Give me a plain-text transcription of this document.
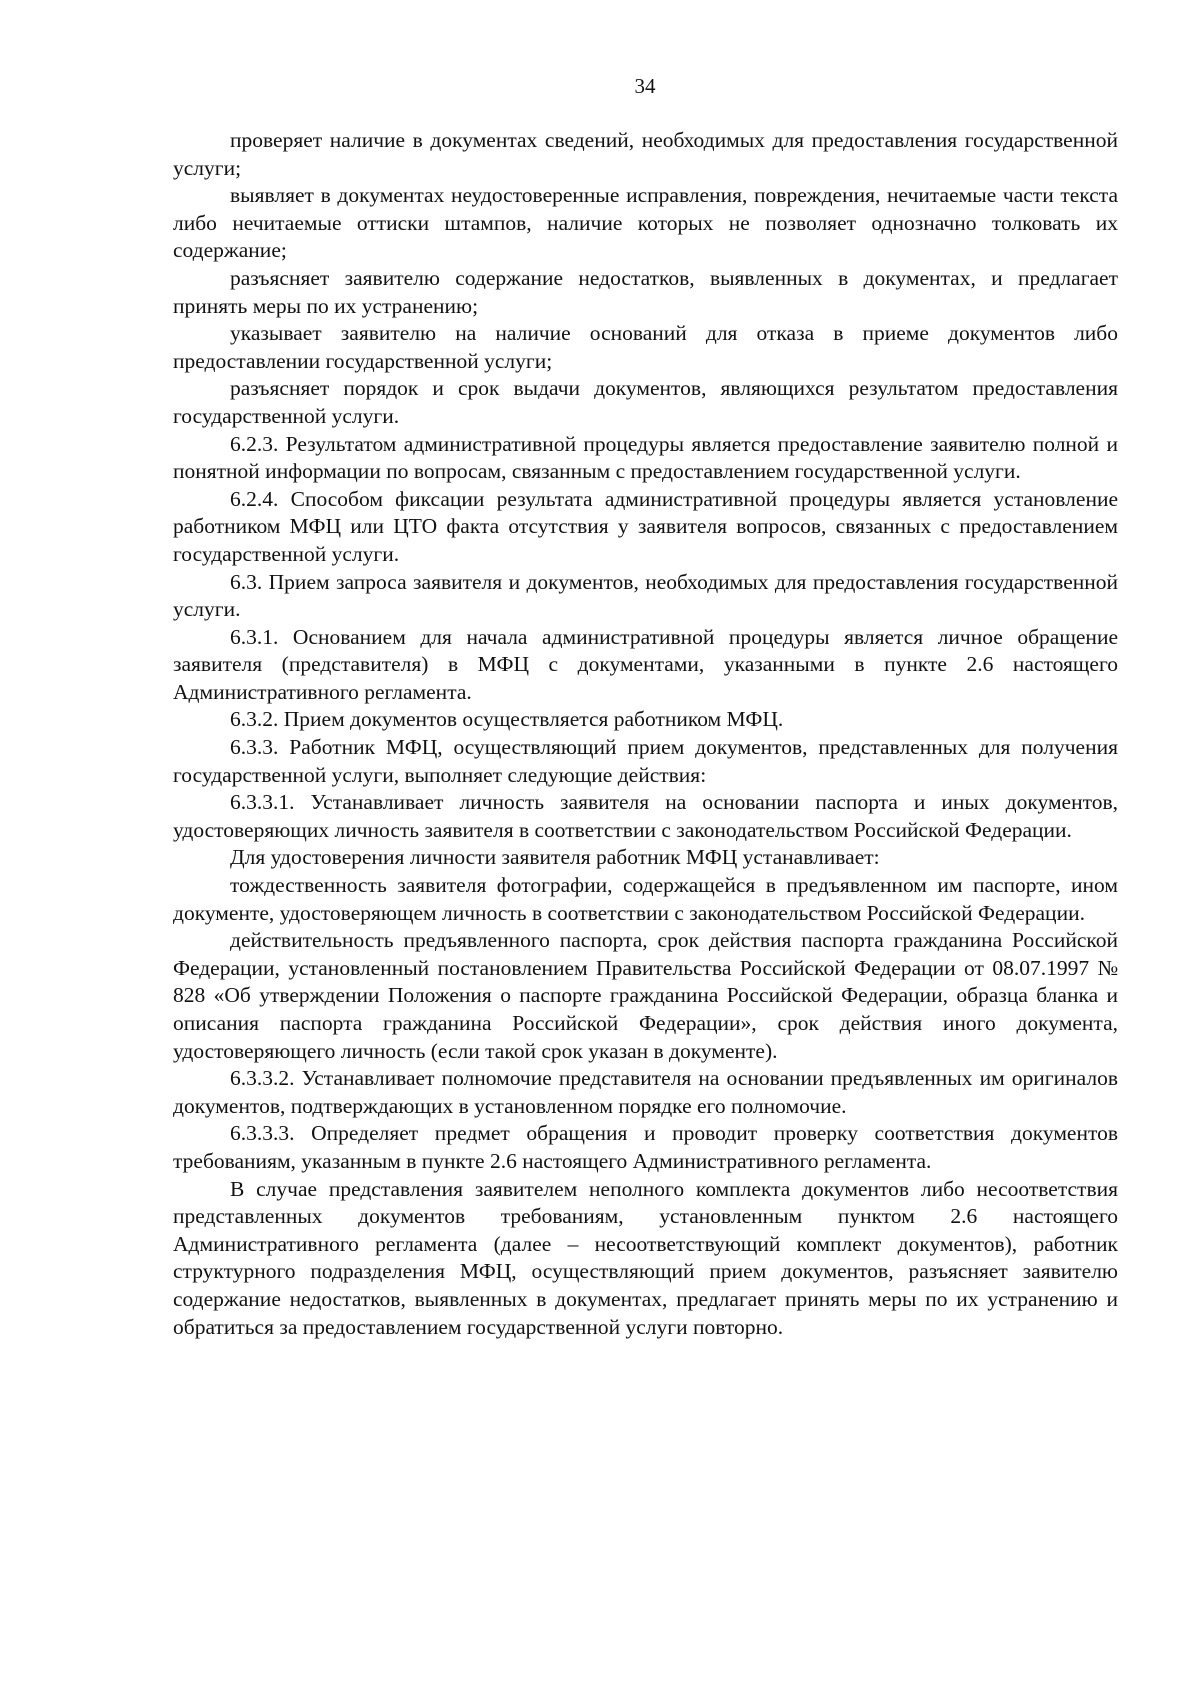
34

проверяет наличие в документах сведений, необходимых для предоставления государственной услуги;

выявляет в документах неудостоверенные исправления, повреждения, нечитаемые части текста либо нечитаемые оттиски штампов, наличие которых не позволяет однозначно толковать их содержание;

разъясняет заявителю содержание недостатков, выявленных в документах, и предлагает принять меры по их устранению;

указывает заявителю на наличие оснований для отказа в приеме документов либо предоставлении государственной услуги;

разъясняет порядок и срок выдачи документов, являющихся результатом предоставления государственной услуги.

6.2.3. Результатом административной процедуры является предоставление заявителю полной и понятной информации по вопросам, связанным с предоставлением государственной услуги.

6.2.4. Способом фиксации результата административной процедуры является установление работником МФЦ или ЦТО факта отсутствия у заявителя вопросов, связанных с предоставлением государственной услуги.

6.3. Прием запроса заявителя и документов, необходимых для предоставления государственной услуги.

6.3.1. Основанием для начала административной процедуры является личное обращение заявителя (представителя) в МФЦ с документами, указанными в пункте 2.6 настоящего Административного регламента.

6.3.2. Прием документов осуществляется работником МФЦ.

6.3.3. Работник МФЦ, осуществляющий прием документов, представленных для получения государственной услуги, выполняет следующие действия:

6.3.3.1. Устанавливает личность заявителя на основании паспорта и иных документов, удостоверяющих личность заявителя в соответствии с законодательством Российской Федерации.

Для удостоверения личности заявителя работник МФЦ устанавливает:

тождественность заявителя фотографии, содержащейся в предъявленном им паспорте, ином документе, удостоверяющем личность в соответствии с законодательством Российской Федерации.

действительность предъявленного паспорта, срок действия паспорта гражданина Российской Федерации, установленный постановлением Правительства Российской Федерации от 08.07.1997 № 828 «Об утверждении Положения о паспорте гражданина Российской Федерации, образца бланка и описания паспорта гражданина Российской Федерации», срок действия иного документа, удостоверяющего личность (если такой срок указан в документе).

6.3.3.2. Устанавливает полномочие представителя на основании предъявленных им оригиналов документов, подтверждающих в установленном порядке его полномочие.

6.3.3.3. Определяет предмет обращения и проводит проверку соответствия документов требованиям, указанным в пункте 2.6 настоящего Административного регламента.

В случае представления заявителем неполного комплекта документов либо несоответствия представленных документов требованиям, установленным пунктом 2.6 настоящего Административного регламента (далее – несоответствующий комплект документов), работник структурного подразделения МФЦ, осуществляющий прием документов, разъясняет заявителю содержание недостатков, выявленных в документах, предлагает принять меры по их устранению и обратиться за предоставлением государственной услуги повторно.
